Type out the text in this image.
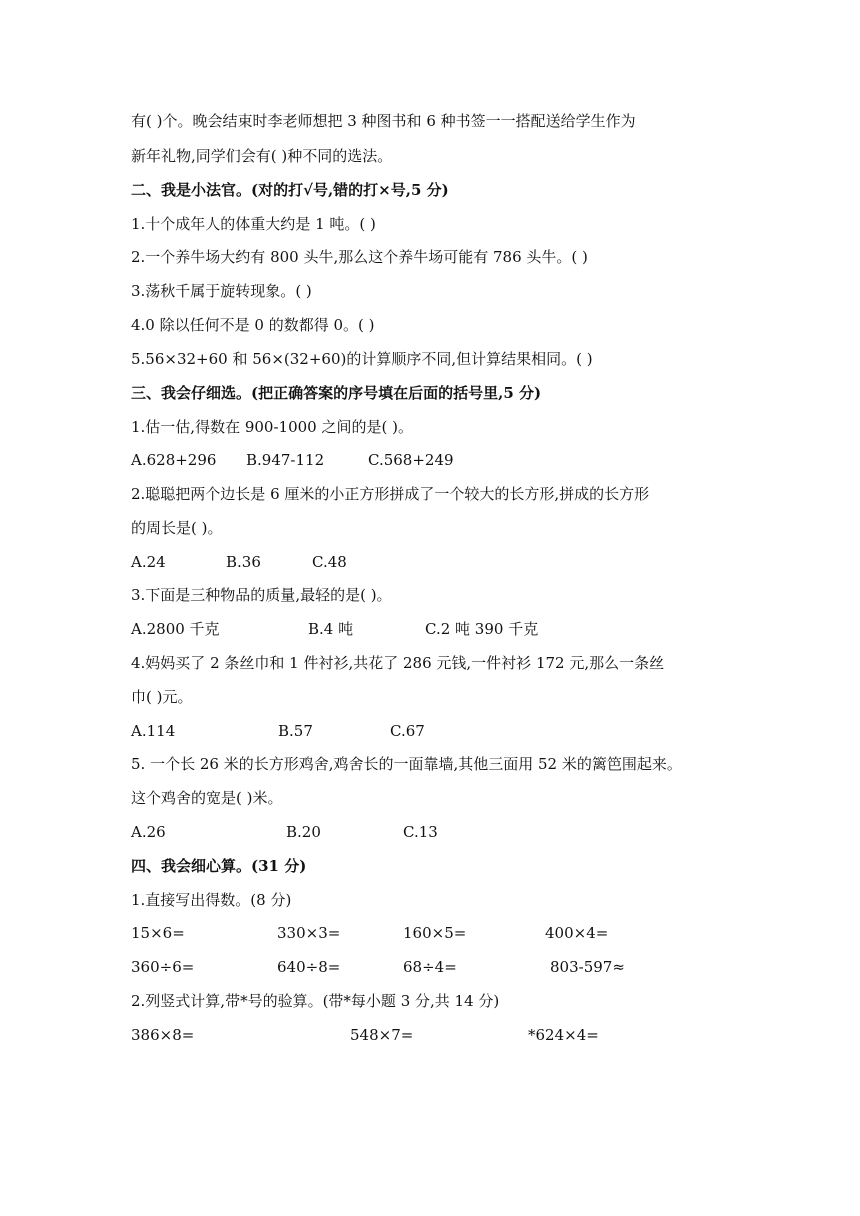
有( )个。晚会结束时李老师想把 3 种图书和 6 种书签一一搭配送给学生作为

新年礼物,同学们会有( )种不同的选法。

二、我是小法官。(对的打√号,错的打×号,5 分)

1.十个成年人的体重大约是 1 吨。( )

2.一个养牛场大约有 800 头牛,那么这个养牛场可能有 786 头牛。( )

3.荡秋千属于旋转现象。( )

4.0 除以任何不是 0 的数都得 0。( )

5.56×32+60 和 56×(32+60)的计算顺序不同,但计算结果相同。( )

三、我会仔细选。(把正确答案的序号填在后面的括号里,5 分)

1.估一估,得数在 900-1000 之间的是( )。

A.628+296 B.947-112	C.568+249

2.聪聪把两个边长是 6 厘米的小正方形拼成了一个较大的长方形,拼成的长方形

的周长是( )。

A.24	B.36	C.48

3.下面是三种物品的质量,最轻的是( )。

A.2800 千克	B.4 吨	C.2 吨 390 千克

4.妈妈买了 2 条丝巾和 1 件衬衫,共花了 286 元钱,一件衬衫 172 元,那么一条丝

巾( )元。

A.114	B.57	C.67

5. 一个长 26 米的长方形鸡舍,鸡舍长的一面靠墙,其他三面用 52 米的篱笆围起来。

这个鸡舍的宽是( )米。

A.26	B.20	C.13

四、我会细心算。(31 分)

1.直接写出得数。(8 分)

15×6=	330×3=	160×5=	400×4=

360÷6=	640÷8=	68÷4=	803-597≈

2.列竖式计算,带*号的验算。(带*每小题 3 分,共 14 分)

386×8=	548×7=	*624×4=
